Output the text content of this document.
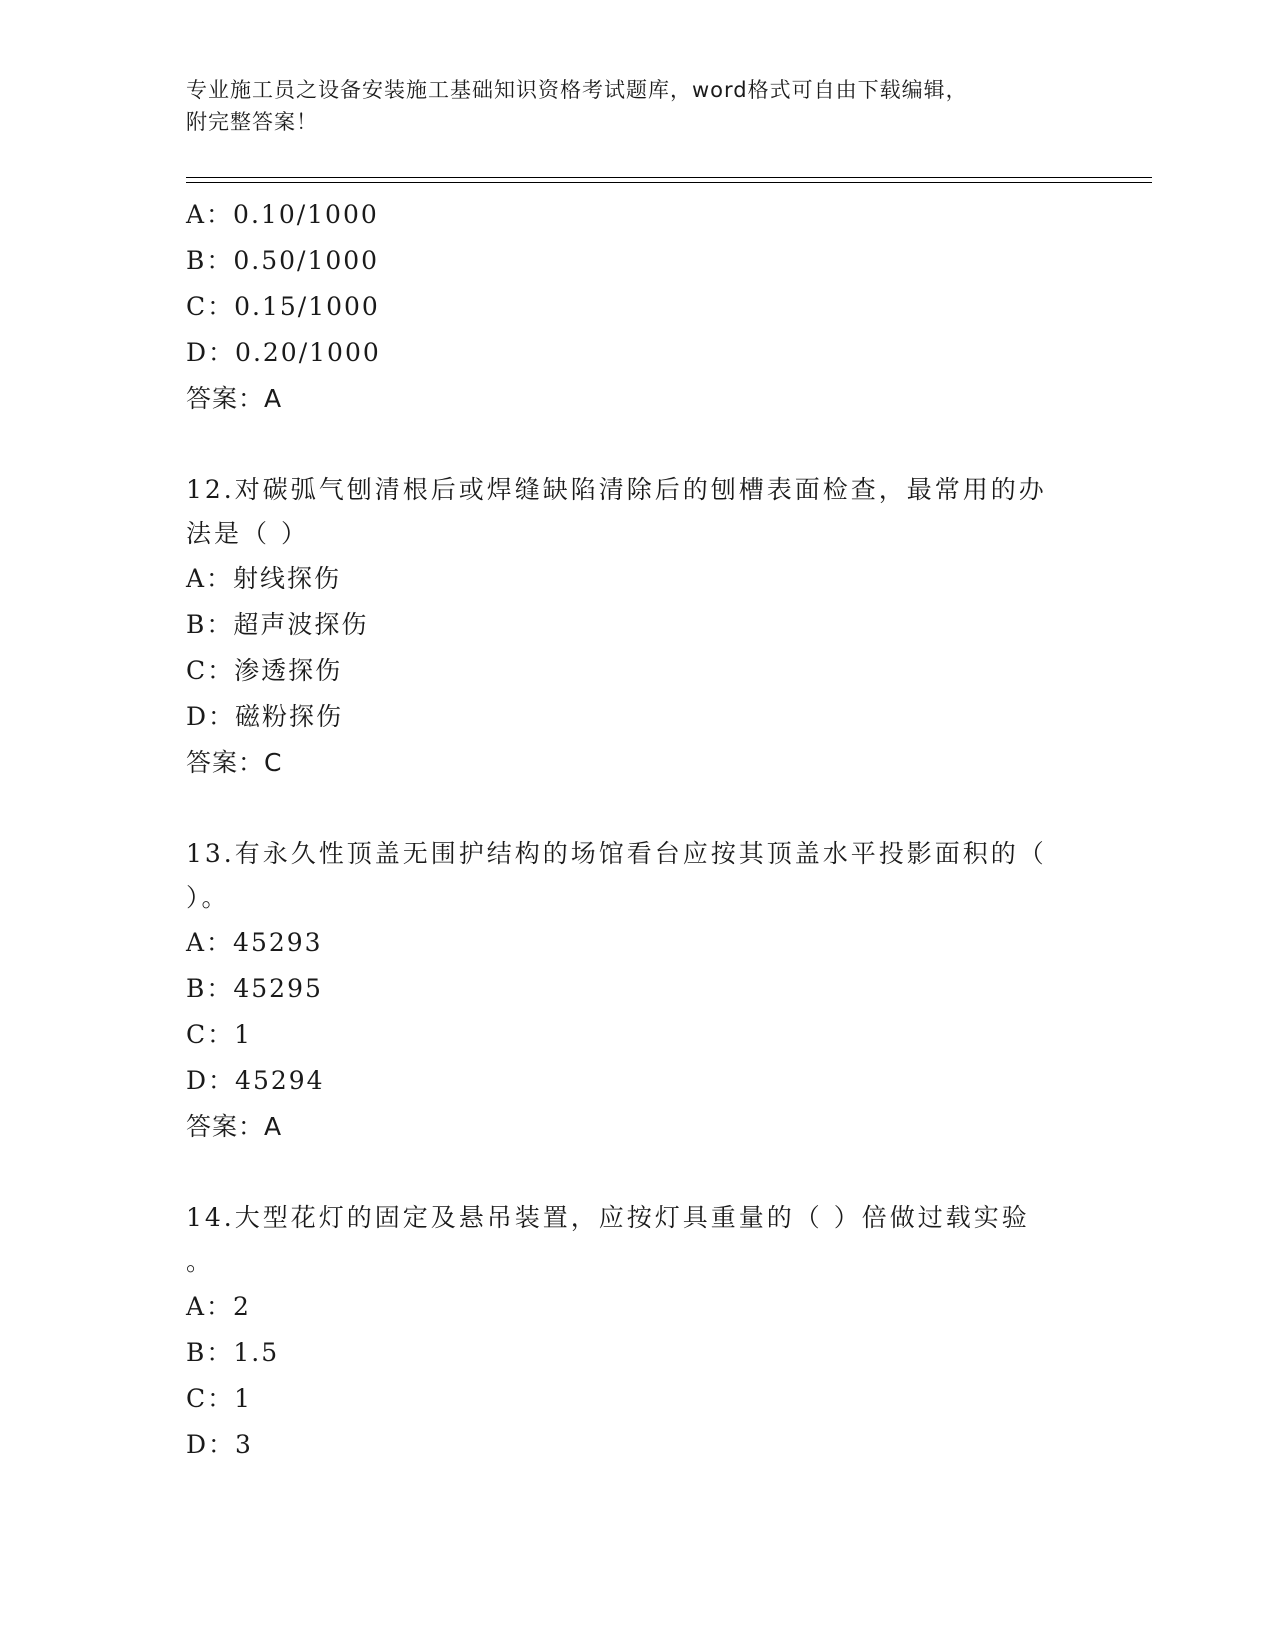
专业施工员之设备安装施工基础知识资格考试题库，word格式可自由下载编辑，
附完整答案！
A：0.10/1000
B：0.50/1000
C：0.15/1000
D：0.20/1000
答案：A
12.对碳弧气刨清根后或焊缝缺陷清除后的刨槽表面检查，最常用的办
法是（ ）
A：射线探伤
B：超声波探伤
C：渗透探伤
D：磁粉探伤
答案：C
13.有永久性顶盖无围护结构的场馆看台应按其顶盖水平投影面积的（
）。
A：45293
B：45295
C：1
D：45294
答案：A
14.大型花灯的固定及悬吊装置，应按灯具重量的（ ）倍做过载实验
。
A：2
B：1.5
C：1
D：3
